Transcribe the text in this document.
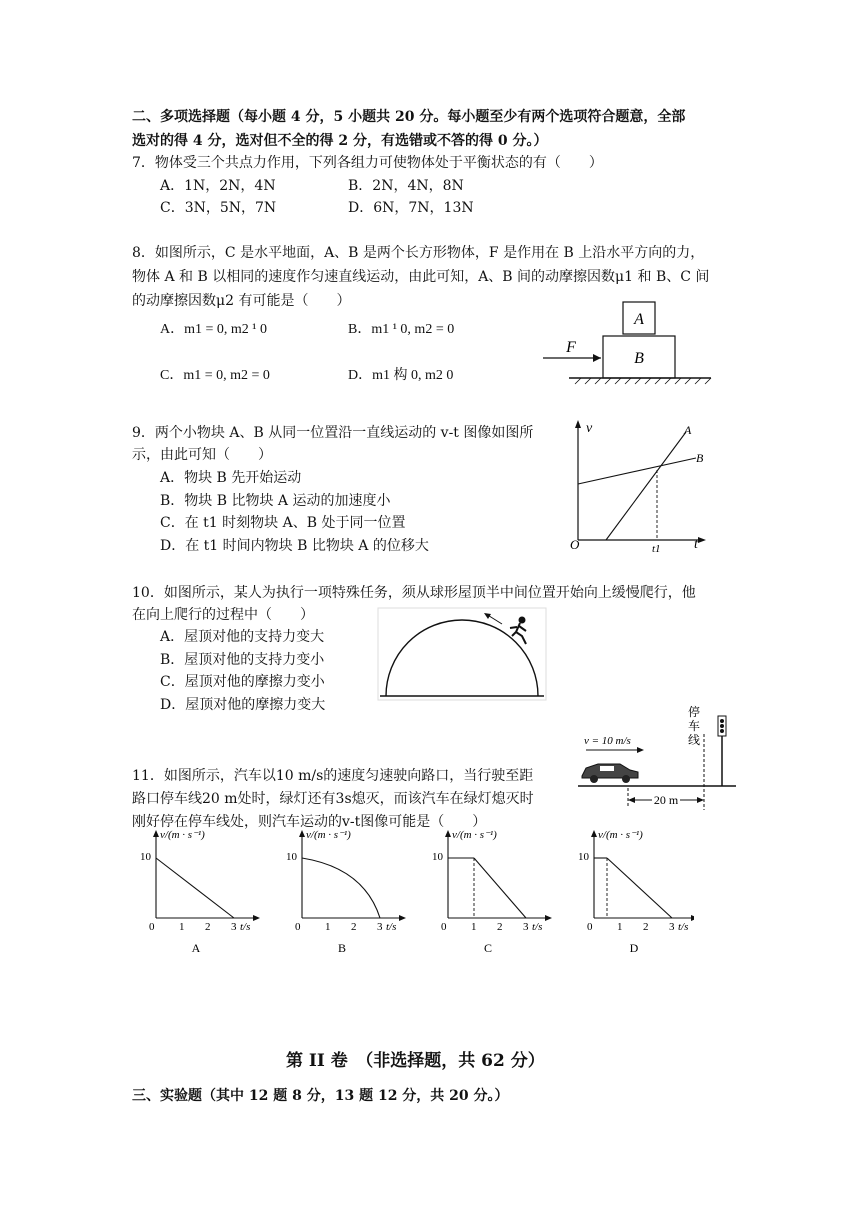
二、多项选择题（每小题 4 分，5 小题共 20 分。每小题至少有两个选项符合题意，全部
选对的得 4 分，选对但不全的得 2 分，有选错或不答的得 0 分。）
7．物体受三个共点力作用，下列各组力可使物体处于平衡状态的有（　　）
A．1N，2N，4N	B．2N，4N，8N
C．3N，5N，7N	D．6N，7N，13N
8．如图所示，C 是水平地面，A、B 是两个长方形物体，F 是作用在 B 上沿水平方向的力，
物体 A 和 B 以相同的速度作匀速直线运动，由此可知，A、B 间的动摩擦因数μ1 和 B、C 间
的动摩擦因数μ2 有可能是（　　）
A．m1 = 0, m2 ¹ 0	B．m1 ¹ 0, m2 = 0
C．m1 = 0, m2 = 0	D．m1 构 0, m2 0
A
B
F
9．两个小物块 A、B 从同一位置沿一直线运动的 v-t 图像如图所
示，由此可知（　　）
A．物块 B 先开始运动
B．物块 B 比物块 A 运动的加速度小
C．在 t1 时刻物块 A、B 处于同一位置
D．在 t1 时间内物块 B 比物块 A 的位移大
v
t
O
A
B
t1
10．如图所示，某人为执行一项特殊任务，须从球形屋顶半中间位置开始向上缓慢爬行，他
在向上爬行的过程中（　　）
A．屋顶对他的支持力变大
B．屋顶对他的支持力变小
C．屋顶对他的摩擦力变小
D．屋顶对他的摩擦力变大
11．如图所示，汽车以10 m/s的速度匀速驶向路口，当行驶至距
路口停车线20 m处时，绿灯还有3s熄灭，而该汽车在绿灯熄灭时
刚好停在停车线处，则汽车运动的v-t图像可能是（　　）
v = 10 m/s
停
车
线
20 m
v/(m · s⁻¹)
t/s
10
0 1 2 3
A
v/(m · s⁻¹)
t/s
10
0 1 2 3
B
v/(m · s⁻¹)
t/s
10
0 1 2 3
C
v/(m · s⁻¹)
t/s
10
0 1 2 3
D
第 II 卷　（非选择题，共 62 分）
三、实验题（其中 12 题 8 分，13 题 12 分，共 20 分。）
